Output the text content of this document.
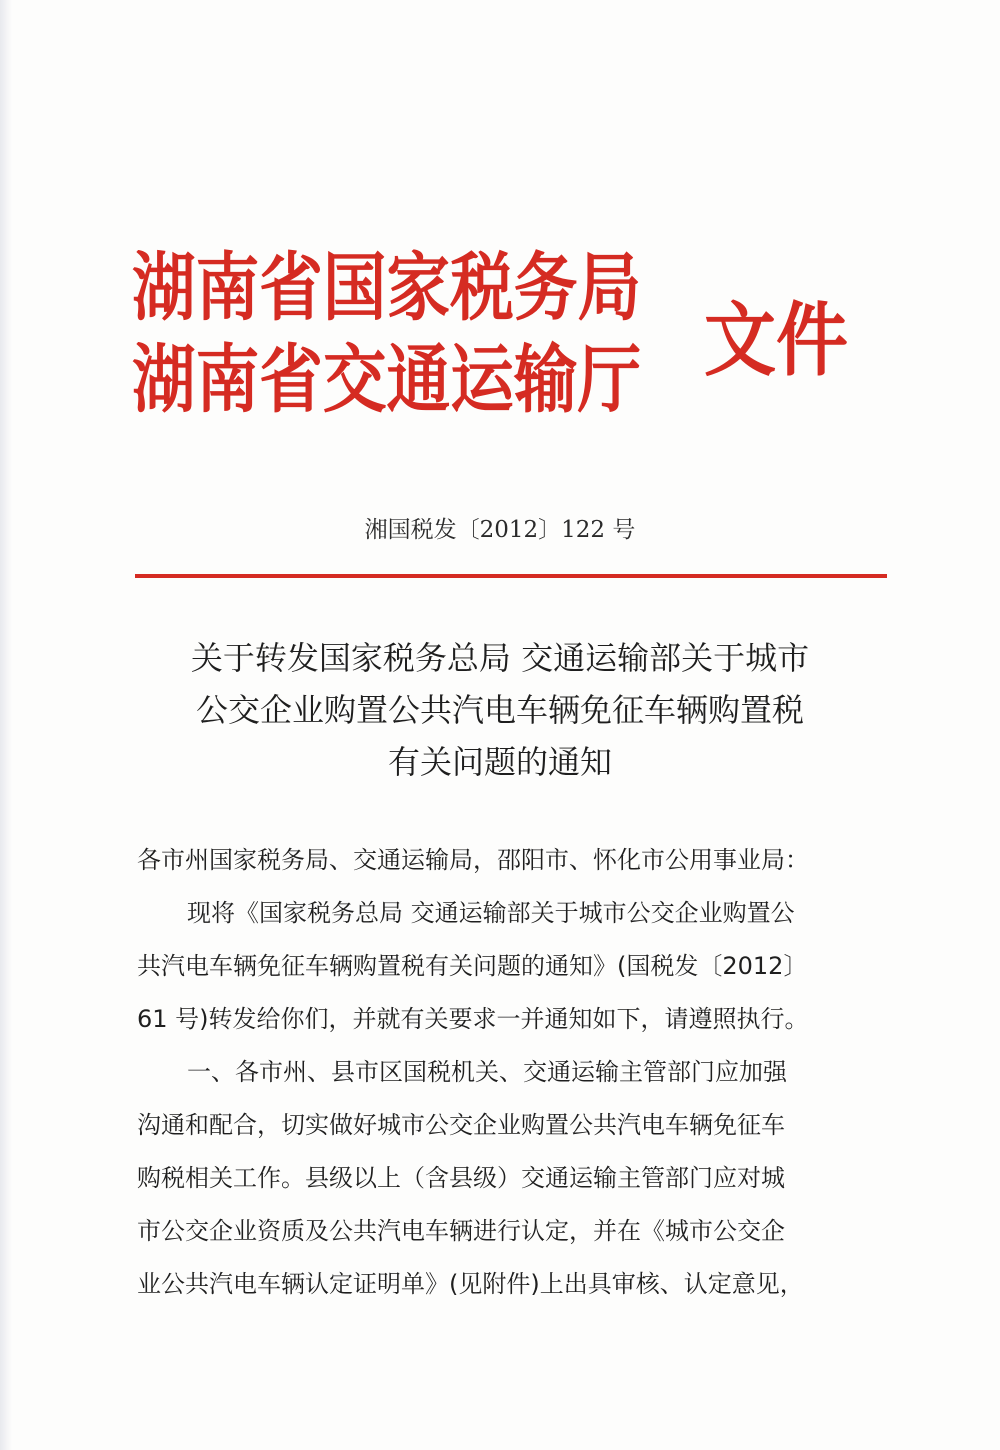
湖南省国家税务局
湖南省交通运输厅 文件
湘国税发〔2012〕122 号
关于转发国家税务总局 交通运输部关于城市
公交企业购置公共汽电车辆免征车辆购置税
有关问题的通知
各市州国家税务局、交通运输局，邵阳市、怀化市公用事业局：
现将《国家税务总局 交通运输部关于城市公交企业购置公
共汽电车辆免征车辆购置税有关问题的通知》(国税发〔2012〕
61 号)转发给你们，并就有关要求一并通知如下，请遵照执行。
一、各市州、县市区国税机关、交通运输主管部门应加强
沟通和配合，切实做好城市公交企业购置公共汽电车辆免征车
购税相关工作。县级以上（含县级）交通运输主管部门应对城
市公交企业资质及公共汽电车辆进行认定，并在《城市公交企
业公共汽电车辆认定证明单》(见附件)上出具审核、认定意见，
